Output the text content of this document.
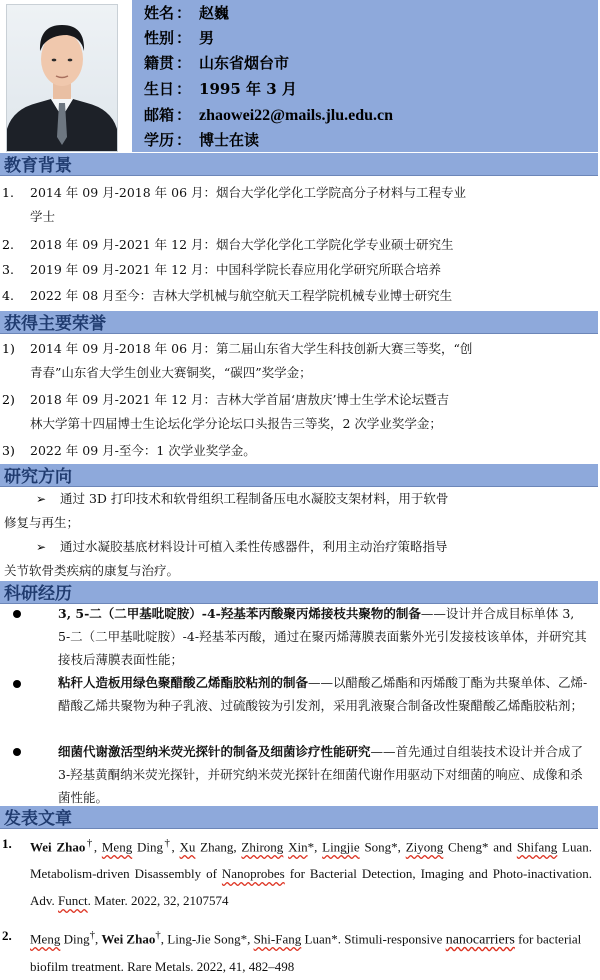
姓名 ： 赵巍
性别 ： 男
籍贯 ： 山东省烟台市
生日 ： 1995 年 3 月
邮箱 ： zhaowei22@mails.jlu.edu.cn
学历 ： 博士在读
教育背景
1. 2014 年 09 月-2018 年 06 月：烟台大学化学化工学院高分子材料与工程专业
学士
2. 2018 年 09 月-2021 年 12 月：烟台大学化学化工学院化学专业硕士研究生
3. 2019 年 09 月-2021 年 12 月：中国科学院长春应用化学研究所联合培养
4. 2022 年 08 月至今：吉林大学机械与航空航天工程学院机械专业博士研究生
获得主要荣誉
1) 2014 年 09 月-2018 年 06 月：第二届山东省大学生科技创新大赛三等奖，“创
青春”山东省大学生创业大赛铜奖，“碳四”奖学金；
2) 2018 年 09 月-2021 年 12 月：吉林大学首届‘唐敖庆’博士生学术论坛暨吉
林大学第十四届博士生论坛化学分论坛口头报告三等奖，2 次学业奖学金；
3) 2022 年 09 月-至今：1 次学业奖学金。
研究方向
➢ 通过 3D 打印技术和软骨组织工程制备压电水凝胶支架材料，用于软骨
修复与再生；
➢ 通过水凝胶基底材料设计可植入柔性传感器件，利用主动治疗策略指导
关节软骨类疾病的康复与治疗。
科研经历
3, 5-二（二甲基吡啶胺）-4-羟基苯丙酸聚丙烯接枝共聚物的制备——设计并合成目标单体 3, 5-二（二甲基吡啶胺）-4-羟基苯丙酸，通过在聚丙烯薄膜表面紫外光引发接枝该单体，并研究其接枝后薄膜表面性能；
粘秆人造板用绿色聚醋酸乙烯酯胶粘剂的制备——以醋酸乙烯酯和丙烯酸丁酯为共聚单体、乙烯-醋酸乙烯共聚物为种子乳液、过硫酸铵为引发剂，采用乳液聚合制备改性聚醋酸乙烯酯胶粘剂；
细菌代谢激活型纳米荧光探针的制备及细菌诊疗性能研究——首先通过自组装技术设计并合成了 3-羟基黄酮纳米荧光探针，并研究纳米荧光探针在细菌代谢作用驱动下对细菌的响应、成像和杀菌性能。
发表文章
1. Wei Zhao†, Meng Ding†, Xu Zhang, Zhirong Xin*, Lingjie Song*, Ziyong Cheng* and Shifang Luan. Metabolism-driven Disassembly of Nanoprobes for Bacterial Detection, Imaging and Photo-inactivation. Adv. Funct. Mater. 2022, 32, 2107574
2. Meng Ding†, Wei Zhao†, Ling-Jie Song*, Shi-Fang Luan*. Stimuli-responsive nanocarriers for bacterial biofilm treatment. Rare Metals. 2022, 41, 482–498
